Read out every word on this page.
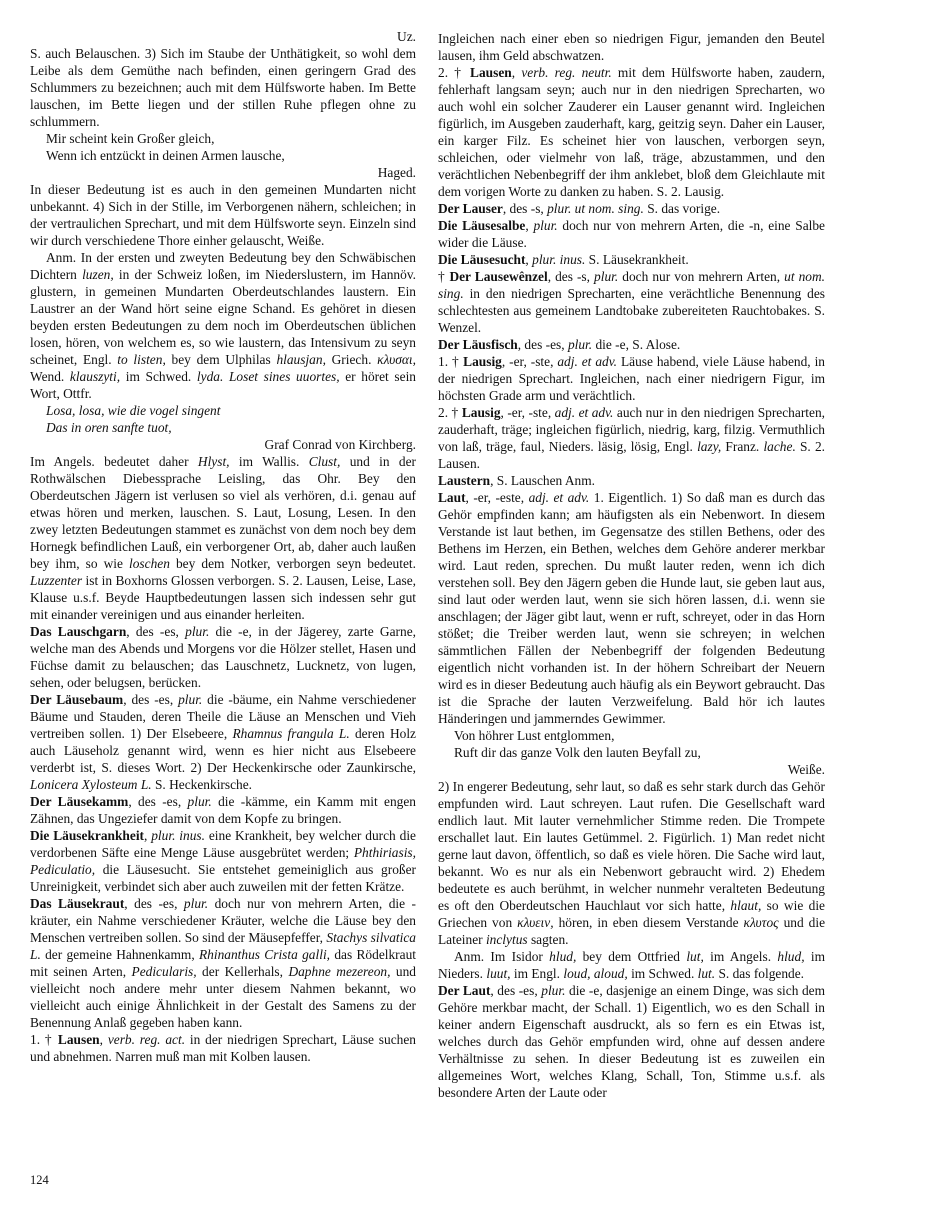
Uz.

S. auch Belauschen. 3) Sich im Staube der Unthätigkeit, so wohl dem Leibe als dem Gemüthe nach befinden, einen geringern Grad des Schlummers zu bezeichnen; auch mit dem Hülfsworte haben. Im Bette lauschen, im Bette liegen und der stillen Ruhe pflegen ohne zu schlummern.

Mir scheint kein Großer gleich,

Wenn ich entzückt in deinen Armen lausche,

Haged.

In dieser Bedeutung ist es auch in den gemeinen Mundarten nicht unbekannt. 4) Sich in der Stille, im Verborgenen nähern, schleichen; in der vertraulichen Sprechart, und mit dem Hülfsworte seyn. Einzeln sind wir durch verschiedene Thore einher gelauscht, Weiße.

Anm. In der ersten und zweyten Bedeutung bey den Schwäbischen Dichtern luzen, in der Schweiz loßen, im Niederslustern, im Hannöv. glustern, in gemeinen Mundarten Oberdeutschlandes laustern. Ein Laustrer an der Wand hört seine eigne Schand. Es gehöret in diesen beyden ersten Bedeutungen zu dem noch im Oberdeutschen üblichen losen, hören, von welchem es, so wie laustern, das Intensivum zu seyn scheinet, Engl. to listen, bey dem Ulphilas hlausjan, Griech. κλυσαι, Wend. klauszyti, im Schwed. lyda. Loset sines uuortes, er höret sein Wort, Ottfr.

Losa, losa, wie die vogel singent

Das in oren sanfte tuot,

Graf Conrad von Kirchberg.

Im Angels. bedeutet daher Hlyst, im Wallis. Clust, und in der Rothwälschen Diebessprache Leisling, das Ohr. Bey den Oberdeutschen Jägern ist verlusen so viel als verhören, d.i. genau auf etwas hören und merken, lauschen. S. Laut, Losung, Lesen. In den zwey letzten Bedeutungen stammet es zunächst von dem noch bey dem Hornegk befindlichen Lauß, ein verborgener Ort, ab, daher auch laußen bey ihm, so wie loschen bey dem Notker, verborgen seyn bedeutet. Luzzenter ist in Boxhorns Glossen verborgen. S. 2. Lausen, Leise, Lase, Klause u.s.f. Beyde Hauptbedeutungen lassen sich indessen sehr gut mit einander vereinigen und aus einander herleiten.

Das Lauschgarn, des -es, plur. die -e, in der Jägerey, zarte Garne, welche man des Abends und Morgens vor die Hölzer stellet, Hasen und Füchse damit zu belauschen; das Lauschnetz, Lucknetz, von lugen, sehen, oder belugsen, berücken.

Der Läusebaum, des -es, plur. die -bäume, ein Nahme verschiedener Bäume und Stauden, deren Theile die Läuse an Menschen und Vieh vertreiben sollen. 1) Der Elsebeere, Rhamnus frangula L. deren Holz auch Läuseholz genannt wird, wenn es hier nicht aus Elsebeere verderbt ist, S. dieses Wort. 2) Der Heckenkirsche oder Zaunkirsche, Lonicera Xylosteum L. S. Heckenkirsche.

Der Läusekamm, des -es, plur. die -kämme, ein Kamm mit engen Zähnen, das Ungeziefer damit von dem Kopfe zu bringen.

Die Läusekrankheit, plur. inus. eine Krankheit, bey welcher durch die verdorbenen Säfte eine Menge Läuse ausgebrütet werden; Phthiriasis, Pediculatio, die Läusesucht. Sie entstehet gemeiniglich aus großer Unreinigkeit, verbindet sich aber auch zuweilen mit der fetten Krätze.

Das Läusekraut, des -es, plur. doch nur von mehrern Arten, die -kräuter, ein Nahme verschiedener Kräuter, welche die Läuse bey den Menschen vertreiben sollen. So sind der Mäusepfeffer, Stachys silvatica L. der gemeine Hahnenkamm, Rhinanthus Crista galli, das Rödelkraut mit seinen Arten, Pedicularis, der Kellerhals, Daphne mezereon, und vielleicht noch andere mehr unter diesem Nahmen bekannt, wo vielleicht auch einige Ähnlichkeit in der Gestalt des Samens zu der Benennung Anlaß gegeben haben kann.

1. † Lausen, verb. reg. act. in der niedrigen Sprechart, Läuse suchen und abnehmen. Narren muß man mit Kolben lausen.

124

Ingleichen nach einer eben so niedrigen Figur, jemanden den Beutel lausen, ihm Geld abschwatzen.

2. † Lausen, verb. reg. neutr. mit dem Hülfsworte haben, zaudern, fehlerhaft langsam seyn; auch nur in den niedrigen Sprecharten, wo auch wohl ein solcher Zauderer ein Lauser genannt wird. Ingleichen figürlich, im Ausgeben zauderhaft, karg, geitzig seyn. Daher ein Lauser, ein karger Filz. Es scheinet hier von lauschen, verborgen seyn, schleichen, oder vielmehr von laß, träge, abzustammen, und den verächtlichen Nebenbegriff der ihm anklebet, bloß dem Gleichlaute mit dem vorigen Worte zu danken zu haben. S. 2. Lausig.

Der Lauser, des -s, plur. ut nom. sing. S. das vorige.

Die Läusesalbe, plur. doch nur von mehrern Arten, die -n, eine Salbe wider die Läuse.

Die Läusesucht, plur. inus. S. Läusekrankheit.

† Der Lausewênzel, des -s, plur. doch nur von mehrern Arten, ut nom. sing. in den niedrigen Sprecharten, eine verächtliche Benennung des schlechtesten aus gemeinem Landtobake zubereiteten Rauchtobakes. S. Wenzel.

Der Läusfisch, des -es, plur. die -e, S. Alose.

1. † Lausig, -er, -ste, adj. et adv. Läuse habend, viele Läuse habend, in der niedrigen Sprechart. Ingleichen, nach einer niedrigern Figur, im höchsten Grade arm und verächtlich.

2. † Lausig, -er, -ste, adj. et adv. auch nur in den niedrigen Sprecharten, zauderhaft, träge; ingleichen figürlich, niedrig, karg, filzig. Vermuthlich von laß, träge, faul, Nieders. läsig, lösig, Engl. lazy, Franz. lache. S. 2. Lausen.

Laustern, S. Lauschen Anm.

Laut, -er, -este, adj. et adv. 1. Eigentlich. 1) So daß man es durch das Gehör empfinden kann; am häufigsten als ein Nebenwort. In diesem Verstande ist laut bethen, im Gegensatze des stillen Bethens, oder des Bethens im Herzen, ein Bethen, welches dem Gehöre anderer merkbar wird. Laut reden, sprechen. Du mußt lauter reden, wenn ich dich verstehen soll. Bey den Jägern geben die Hunde laut, sie geben laut aus, sind laut oder werden laut, wenn sie sich hören lassen, d.i. wenn sie anschlagen; der Jäger gibt laut, wenn er ruft, schreyet, oder in das Horn stößet; die Treiber werden laut, wenn sie schreyen; in welchen sämmtlichen Fällen der Nebenbegriff der folgenden Bedeutung eigentlich nicht vorhanden ist. In der höhern Schreibart der Neuern wird es in dieser Bedeutung auch häufig als ein Beywort gebraucht. Das ist die Sprache der lauten Verzweifelung. Bald hör ich lautes Händeringen und jammerndes Gewimmer.

Von höhrer Lust entglommen,

Ruft dir das ganze Volk den lauten Beyfall zu,

Weiße.

2) In engerer Bedeutung, sehr laut, so daß es sehr stark durch das Gehör empfunden wird. Laut schreyen. Laut rufen. Die Gesellschaft ward endlich laut. Mit lauter vernehmlicher Stimme reden. Die Trompete erschallet laut. Ein lautes Getümmel. 2. Figürlich. 1) Man redet nicht gerne laut davon, öffentlich, so daß es viele hören. Die Sache wird laut, bekannt. Wo es nur als ein Nebenwort gebraucht wird. 2) Ehedem bedeutete es auch berühmt, in welcher nunmehr veralteten Bedeutung es oft den Oberdeutschen Hauchlaut vor sich hatte, hlaut, so wie die Griechen von κλυειν, hören, in eben diesem Verstande κλυτος und die Lateiner inclytus sagten.

Anm. Im Isidor hlud, bey dem Ottfried lut, im Angels. hlud, im Nieders. luut, im Engl. loud, aloud, im Schwed. lut. S. das folgende.

Der Laut, des -es, plur. die -e, dasjenige an einem Dinge, was sich dem Gehöre merkbar macht, der Schall. 1) Eigentlich, wo es den Schall in keiner andern Eigenschaft ausdruckt, als so fern es ein Etwas ist, welches durch das Gehör empfunden wird, ohne auf dessen andere Verhältnisse zu sehen. In dieser Bedeutung ist es zuweilen ein allgemeines Wort, welches Klang, Schall, Ton, Stimme u.s.f. als besondere Arten der Laute oder
